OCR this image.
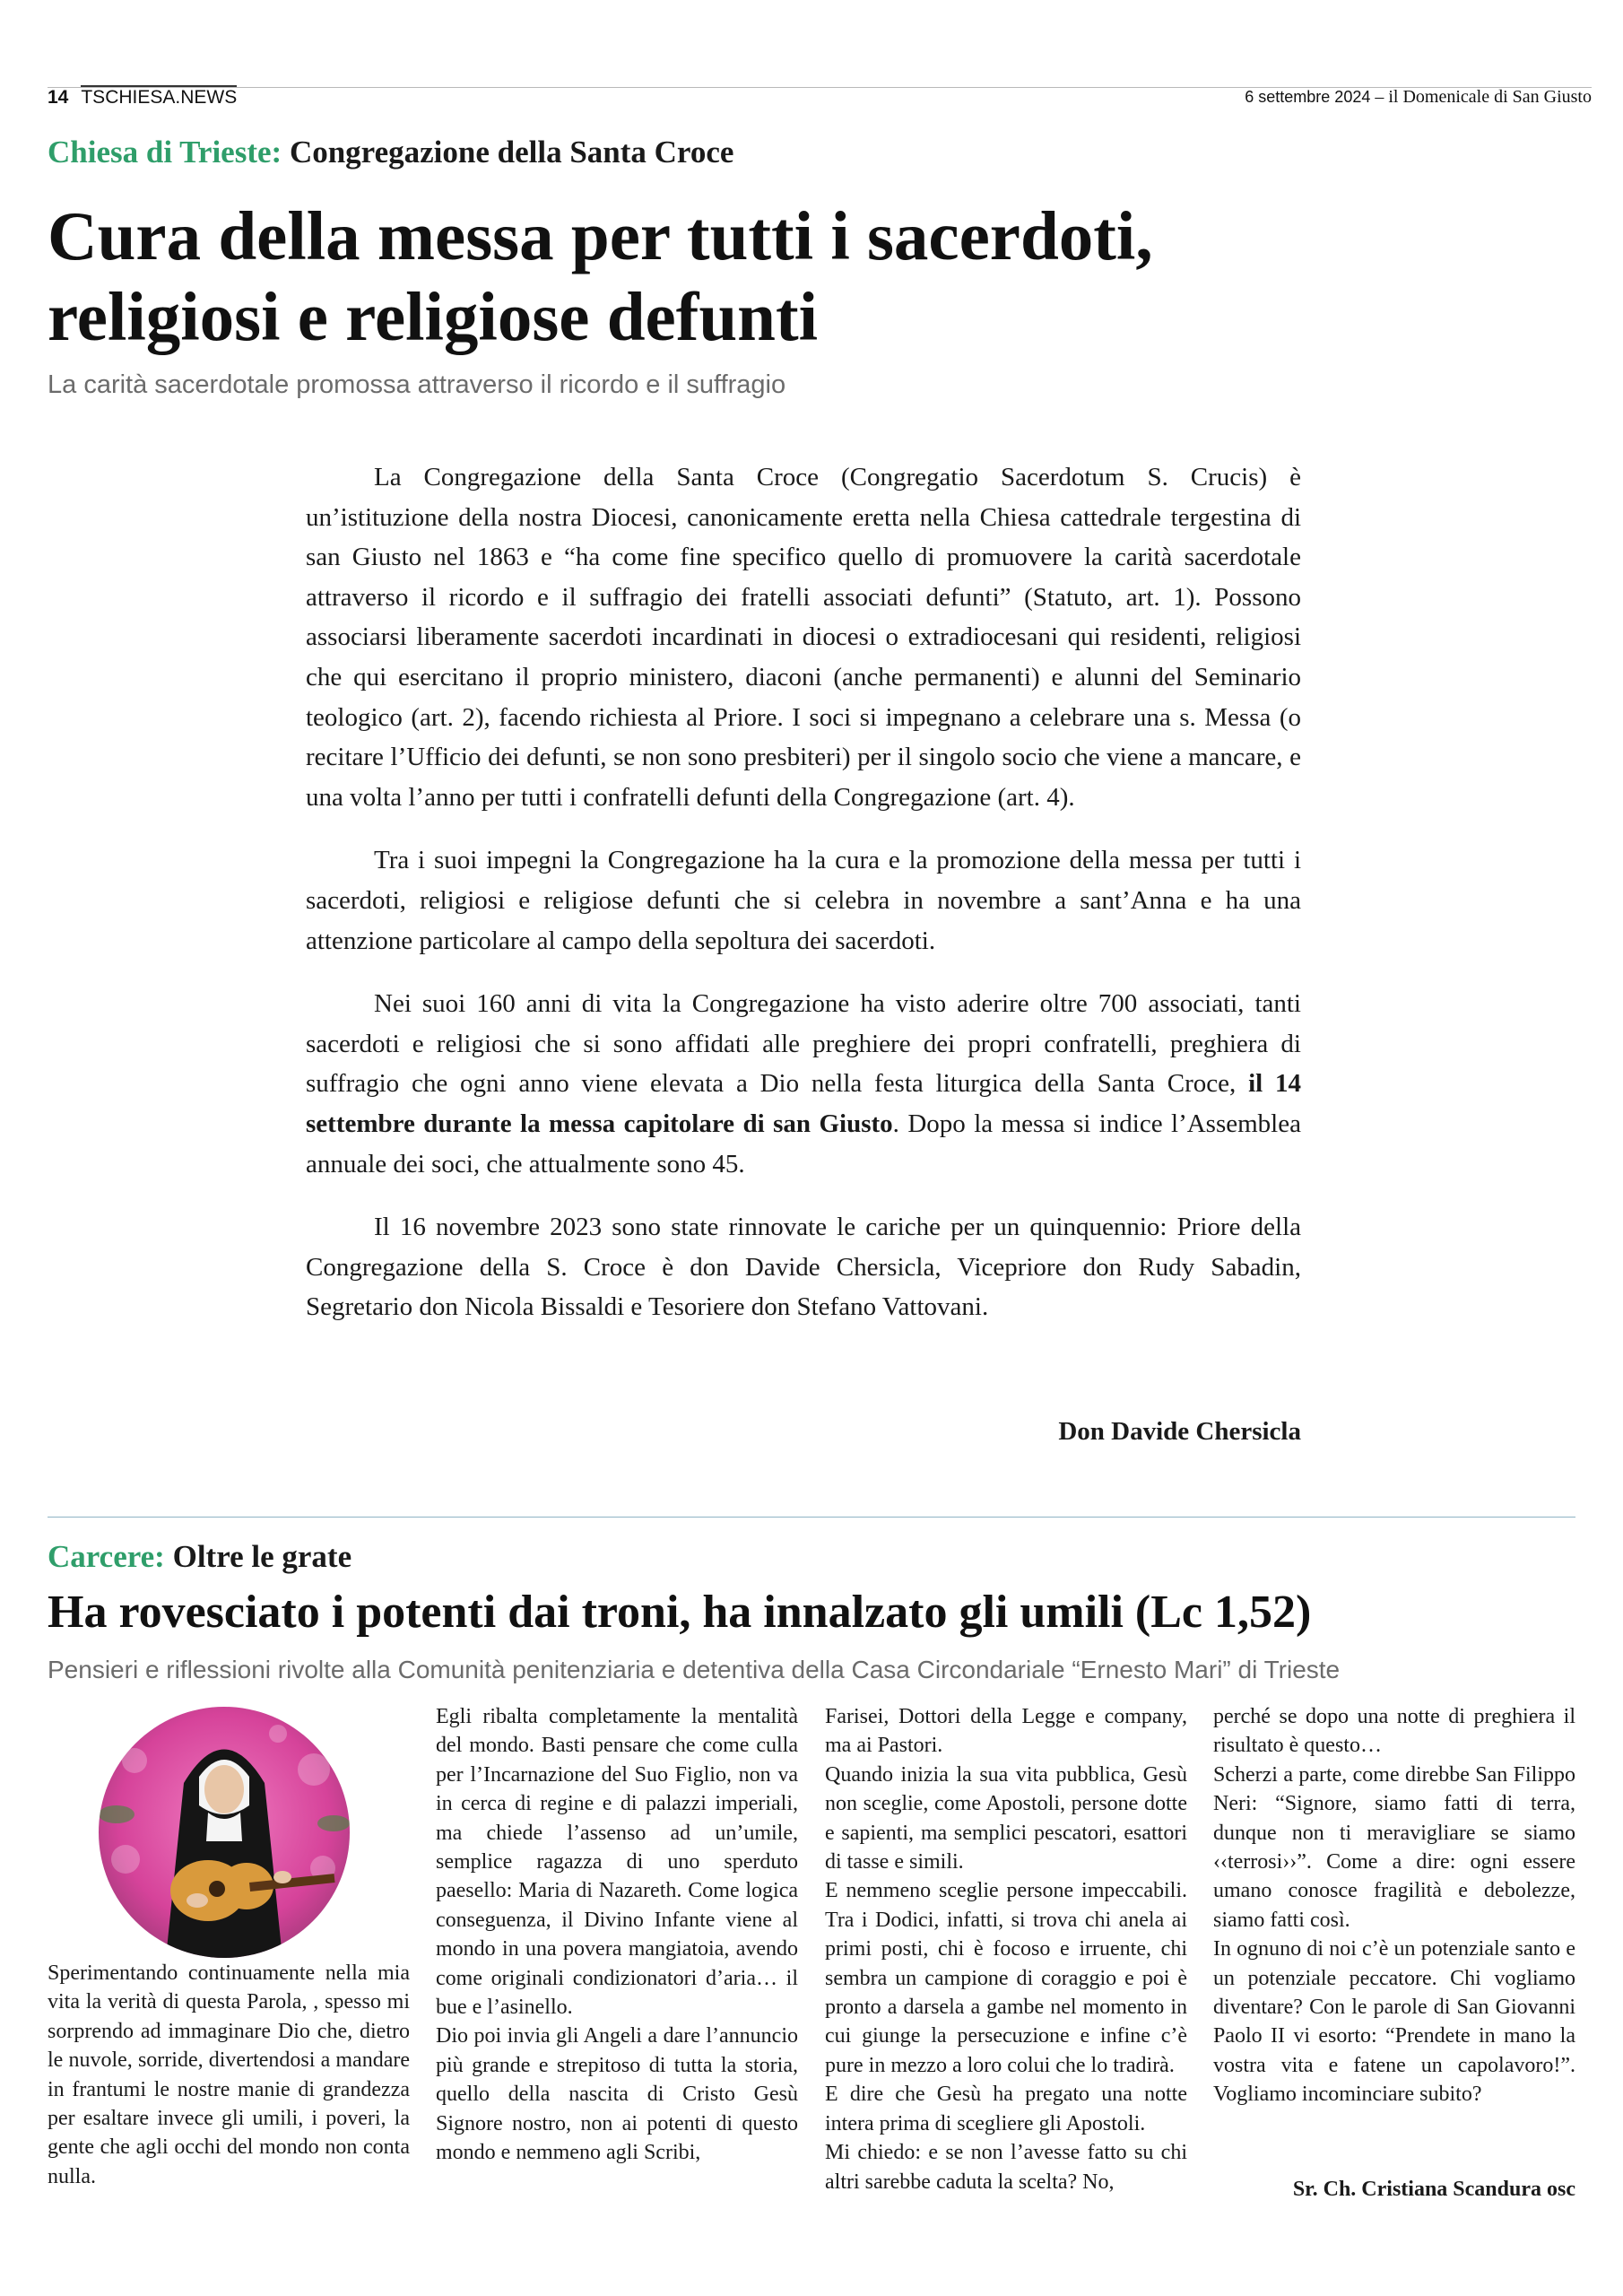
14 TSCHIESA.NEWS	6 settembre 2024 – il Domenicale di San Giusto
Chiesa di Trieste: Congregazione della Santa Croce
Cura della messa per tutti i sacerdoti,
religiosi e religiose defunti
La carità sacerdotale promossa attraverso il ricordo e il suffragio

La Congregazione della Santa Croce (Congregatio Sacerdotum S. Crucis) è un’istituzione della nostra Diocesi, canonicamente eretta nella Chiesa cattedrale tergestina di san Giusto nel 1863 e “ha come fine specifico quello di promuovere la carità sacerdotale attraverso il ricordo e il suffragio dei fratelli associati defunti” (Statuto, art. 1). Possono associarsi liberamente sacerdoti incardinati in diocesi o extradiocesani qui residenti, religiosi che qui esercitano il proprio ministero, diaconi (anche permanenti) e alunni del Seminario teologico (art. 2), facendo richiesta al Priore. I soci si impegnano a celebrare una s. Messa (o recitare l’Ufficio dei defunti, se non sono presbiteri) per il singolo socio che viene a mancare, e una volta l’anno per tutti i confratelli defunti della Congregazione (art. 4).

Tra i suoi impegni la Congregazione ha la cura e la promozione della messa per tutti i sacerdoti, religiosi e religiose defunti che si celebra in novembre a sant’Anna e ha una attenzione particolare al campo della sepoltura dei sacerdoti.

Nei suoi 160 anni di vita la Congregazione ha visto aderire oltre 700 associati, tanti sacerdoti e religiosi che si sono affidati alle preghiere dei propri confratelli, preghiera di suffragio che ogni anno viene elevata a Dio nella festa liturgica della Santa Croce, il 14 settembre durante la messa capitolare di san Giusto. Dopo la messa si indice l’Assemblea annuale dei soci, che attualmente sono 45.

Il 16 novembre 2023 sono state rinnovate le cariche per un quinquennio: Priore della Congregazione della S. Croce è don Davide Chersicla, Vicepriore don Rudy Sabadin, Segretario don Nicola Bissaldi e Tesoriere don Stefano Vattovani.

Don Davide Chersicla
Carcere: Oltre le grate
Ha rovesciato i potenti dai troni, ha innalzato gli umili (Lc 1,52)
Pensieri e riflessioni rivolte alla Comunità penitenziaria e detentiva della Casa Circondariale “Ernesto Mari” di Trieste

Sperimentando continuamente nella mia vita la verità di questa Parola, , spesso mi sorprendo ad immaginare Dio che, dietro le nuvole, sorride, divertendosi a mandare in frantumi le nostre manie di grandezza per esaltare invece gli umili, i poveri, la gente che agli occhi del mondo non conta nulla.

Egli ribalta completamente la mentalità del mondo. Basti pensare che come culla per l’Incarnazione del Suo Figlio, non va in cerca di regine e di palazzi imperiali, ma chiede l’assenso ad un’umile, semplice ragazza di uno sperduto paesello: Maria di Nazareth. Come logica conseguenza, il Divino Infante viene al mondo in una povera mangiatoia, avendo come originali condizionatori d’aria… il bue e l’asinello.

Dio poi invia gli Angeli a dare l’annuncio più grande e strepitoso di tutta la storia, quello della nascita di Cristo Gesù Signore nostro, non ai potenti di questo mondo e nemmeno agli Scribi,

Farisei, Dottori della Legge e company, ma ai Pastori.

Quando inizia la sua vita pubblica, Gesù non sceglie, come Apostoli, persone dotte e sapienti, ma semplici pescatori, esattori di tasse e simili.

E nemmeno sceglie persone impeccabili. Tra i Dodici, infatti, si trova chi anela ai primi posti, chi è focoso e irruente, chi sembra un campione di coraggio e poi è pronto a darsela a gambe nel momento in cui giunge la persecuzione e infine c’è pure in mezzo a loro colui che lo tradirà.

E dire che Gesù ha pregato una notte intera prima di scegliere gli Apostoli.

Mi chiedo: e se non l’avesse fatto su chi altri sarebbe caduta la scelta? No,

perché se dopo una notte di preghiera il risultato è questo…

Scherzi a parte, come direbbe San Filippo Neri: “Signore, siamo fatti di terra, dunque non ti meravigliare se siamo ‹‹terrosi››”. Come a dire: ogni essere umano conosce fragilità e debolezze, siamo fatti così.

In ognuno di noi c’è un potenziale santo e un potenziale peccatore. Chi vogliamo diventare? Con le parole di San Giovanni Paolo II vi esorto: “Prendete in mano la vostra vita e fatene un capolavoro!”. Vogliamo incominciare subito?

Sr. Ch. Cristiana Scandura osc
